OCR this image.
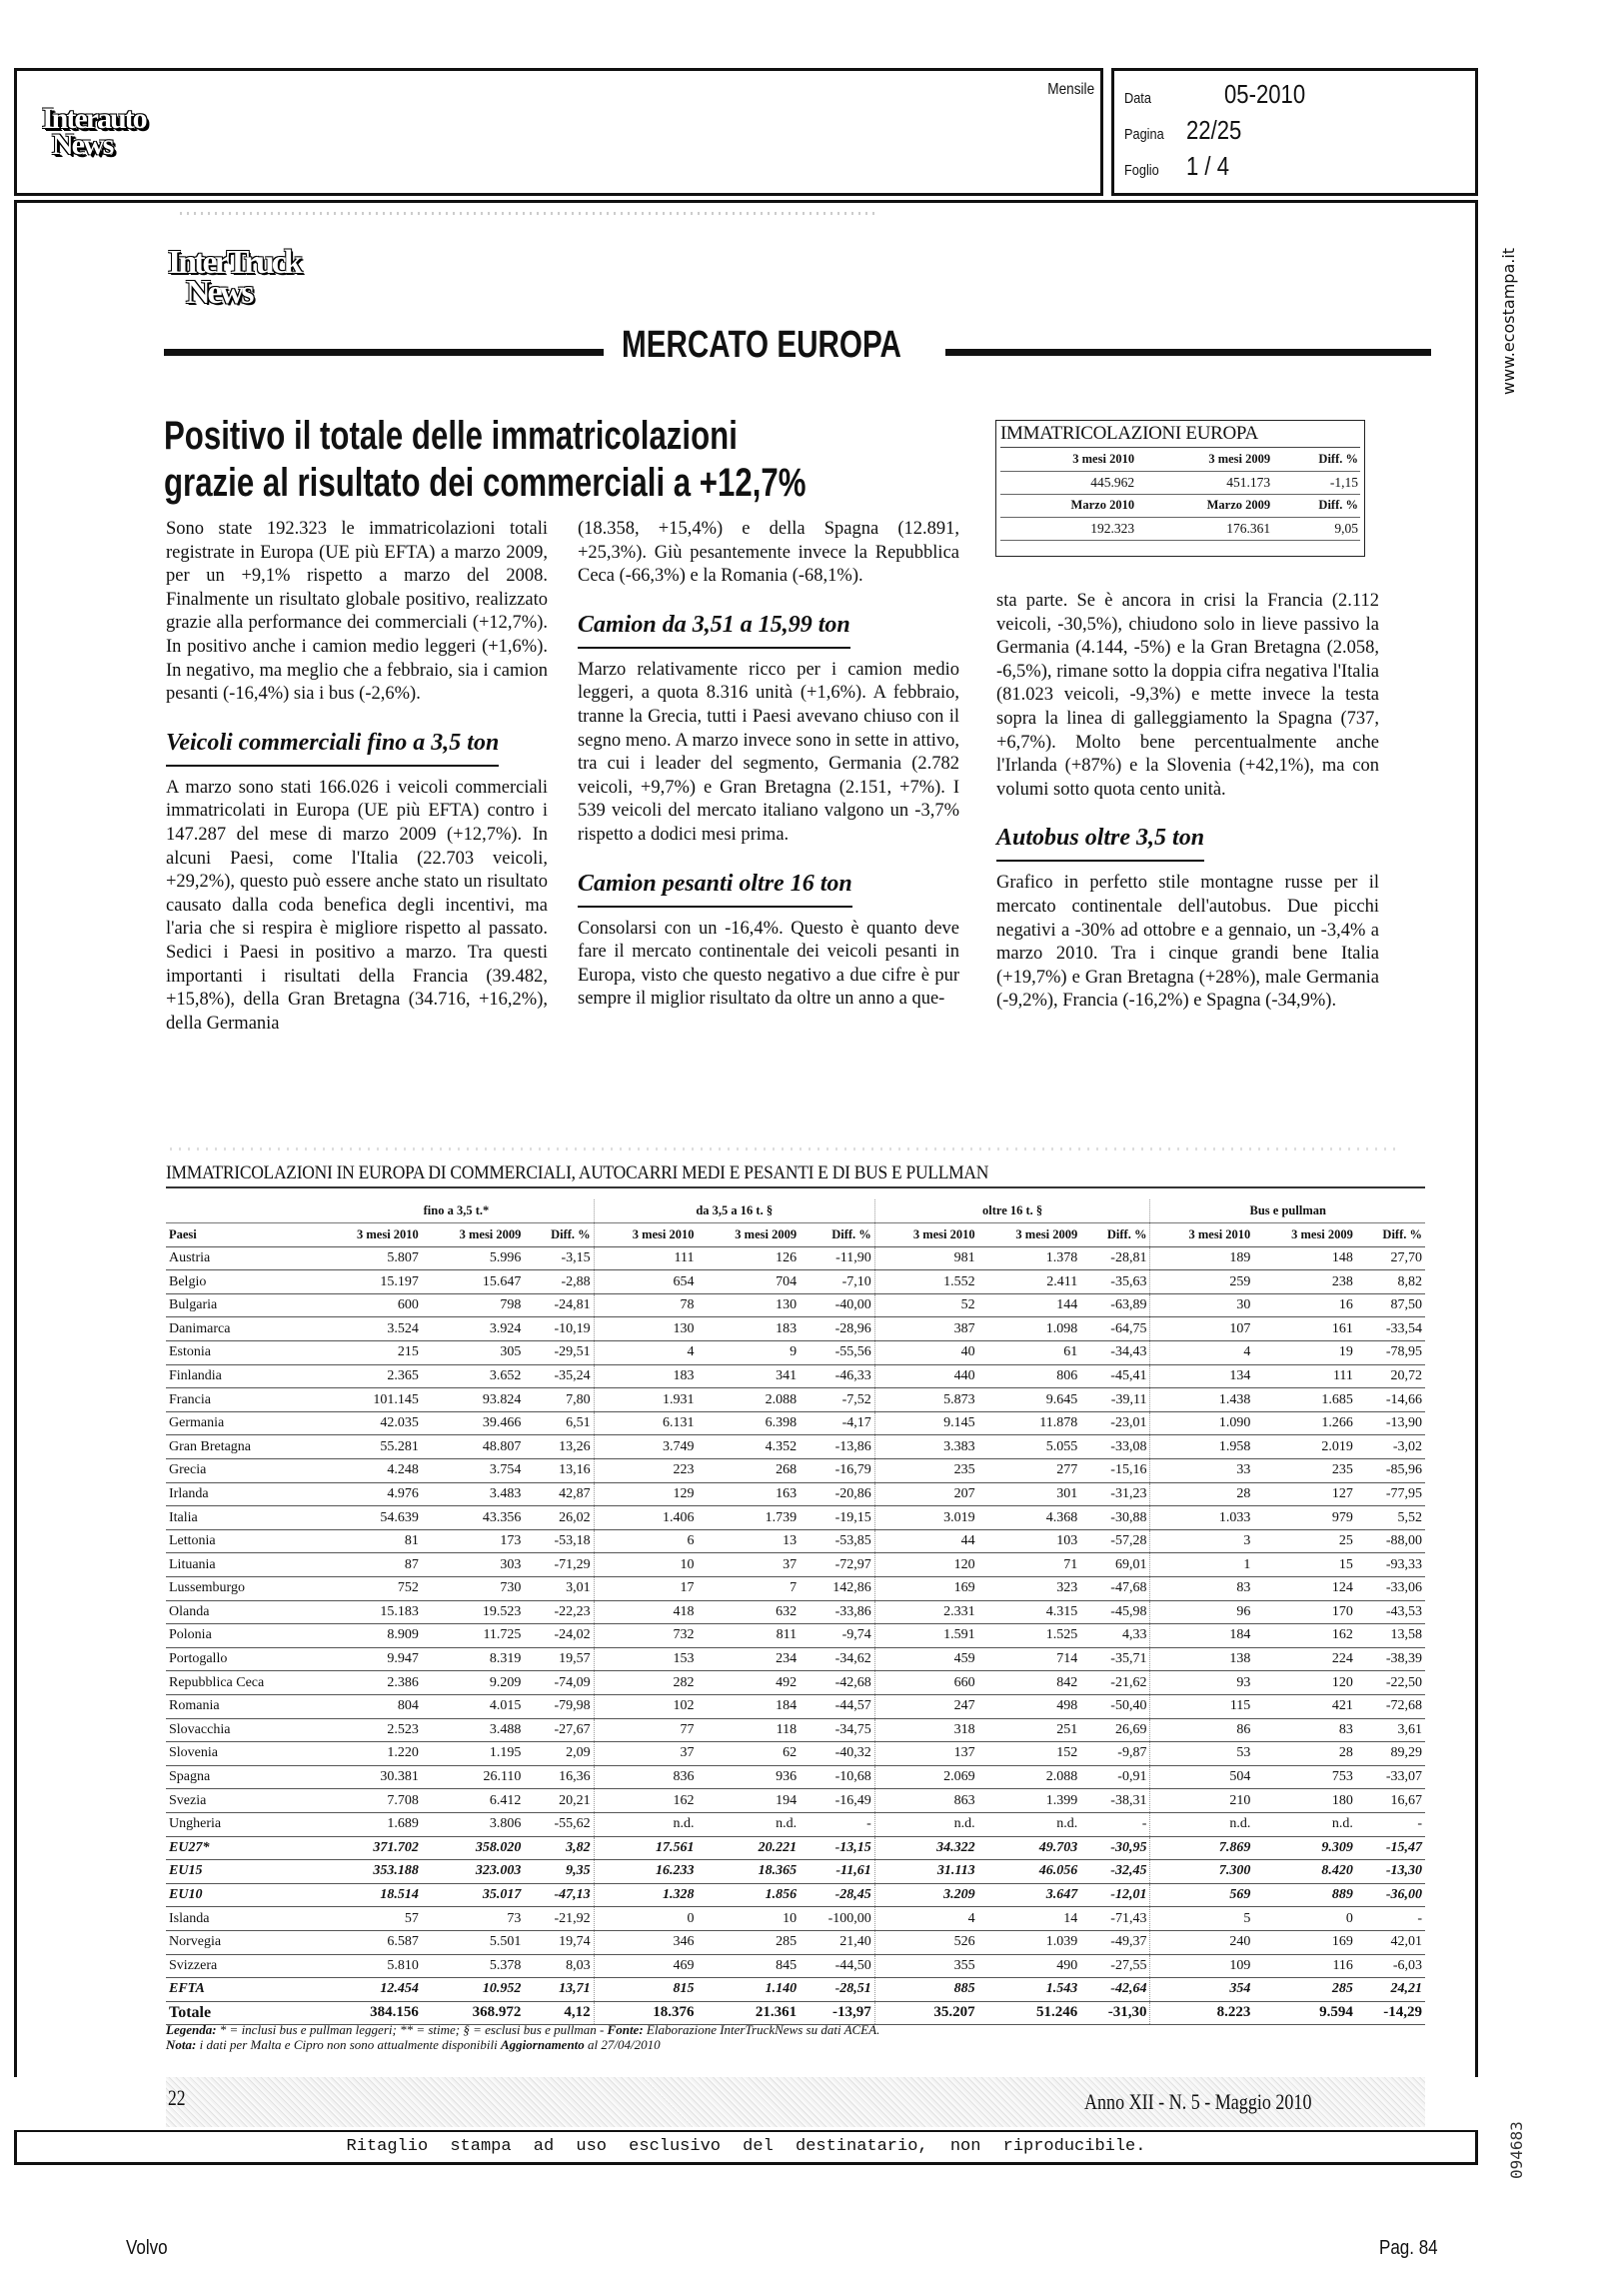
Interauto
News
Mensile
Data	05-2010
Pagina 22/25
Foglio	1 / 4
www.ecostampa.it
094683
InterTruck
News
MERCATO EUROPA
Positivo il totale delle immatricolazioni
grazie al risultato dei commerciali a +12,7%
IMMATRICOLAZIONI EUROPA
3 mesi 2010	3 mesi 2009	Diff. %
445.962	451.173	-1,15
Marzo 2010	Marzo 2009	Diff. %
192.323	176.361	9,05

Sono state 192.323 le immatricolazioni totali registrate in Europa (UE più EFTA) a marzo 2009, per un +9,1% rispetto a marzo del 2008. Finalmente un risultato globale positivo, realizzato grazie alla performance dei commerciali (+12,7%). In positivo anche i camion medio leggeri (+1,6%). In negativo, ma meglio che a febbraio, sia i camion pesanti (-16,4%) sia i bus (-2,6%).

Veicoli commerciali fino a 3,5 ton

A marzo sono stati 166.026 i veicoli commerciali immatricolati in Europa (UE più EFTA) contro i 147.287 del mese di marzo 2009 (+12,7%). In alcuni Paesi, come l'Italia (22.703 veicoli, +29,2%), questo può essere anche stato un risultato causato dalla coda benefica degli incentivi, ma l'aria che si respira è migliore rispetto al passato. Sedici i Paesi in positivo a marzo. Tra questi importanti i risultati della Francia (39.482, +15,8%), della Gran Bretagna (34.716, +16,2%), della Germania

(18.358, +15,4%) e della Spagna (12.891, +25,3%). Giù pesantemente invece la Repubblica Ceca (-66,3%) e la Romania (-68,1%).

Camion da 3,51 a 15,99 ton

Marzo relativamente ricco per i camion medio leggeri, a quota 8.316 unità (+1,6%). A febbraio, tranne la Grecia, tutti i Paesi avevano chiuso con il segno meno. A marzo invece sono in sette in attivo, tra cui i leader del segmento, Germania (2.782 veicoli, +9,7%) e Gran Bretagna (2.151, +7%). I 539 veicoli del mercato italiano valgono un -3,7% rispetto a dodici mesi prima.

Camion pesanti oltre 16 ton

Consolarsi con un -16,4%. Questo è quanto deve fare il mercato continentale dei veicoli pesanti in Europa, visto che questo negativo a due cifre è pur sempre il miglior risultato da oltre un anno a que-

sta parte. Se è ancora in crisi la Francia (2.112 veicoli, -30,5%), chiudono solo in lieve passivo la Germania (4.144, -5%) e la Gran Bretagna (2.058, -6,5%), rimane sotto la doppia cifra negativa l'Italia (81.023 veicoli, -9,3%) e mette invece la testa sopra la linea di galleggiamento la Spagna (737, +6,7%). Molto bene percentualmente anche l'Irlanda (+87%) e la Slovenia (+42,1%), ma con volumi sotto quota cento unità.

Autobus oltre 3,5 ton

Grafico in perfetto stile montagne russe per il mercato continentale dell'autobus. Due picchi negativi a -30% ad ottobre e a gennaio, un -3,4% a marzo 2010. Tra i cinque grandi bene Italia (+19,7%) e Gran Bretagna (+28%), male Germania (-9,2%), Francia (-16,2%) e Spagna (-34,9%).

IMMATRICOLAZIONI IN EUROPA DI COMMERCIALI, AUTOCARRI MEDI E PESANTI E DI BUS E PULLMAN
	fino a 3,5 t.*			da 3,5 a 16 t. §			oltre 16 t. §			Bus e pullman		
Paesi	3 mesi 2010	3 mesi 2009	Diff. %	3 mesi 2010	3 mesi 2009	Diff. %	3 mesi 2010	3 mesi 2009	Diff. %	3 mesi 2010	3 mesi 2009	Diff. %
Austria	5.807	5.996	-3,15	111	126	-11,90	981	1.378	-28,81	189	148	27,70
Belgio	15.197	15.647	-2,88	654	704	-7,10	1.552	2.411	-35,63	259	238	8,82
Bulgaria	600	798	-24,81	78	130	-40,00	52	144	-63,89	30	16	87,50
Danimarca	3.524	3.924	-10,19	130	183	-28,96	387	1.098	-64,75	107	161	-33,54
Estonia	215	305	-29,51	4	9	-55,56	40	61	-34,43	4	19	-78,95
Finlandia	2.365	3.652	-35,24	183	341	-46,33	440	806	-45,41	134	111	20,72
Francia	101.145	93.824	7,80	1.931	2.088	-7,52	5.873	9.645	-39,11	1.438	1.685	-14,66
Germania	42.035	39.466	6,51	6.131	6.398	-4,17	9.145	11.878	-23,01	1.090	1.266	-13,90
Gran Bretagna	55.281	48.807	13,26	3.749	4.352	-13,86	3.383	5.055	-33,08	1.958	2.019	-3,02
Grecia	4.248	3.754	13,16	223	268	-16,79	235	277	-15,16	33	235	-85,96
Irlanda	4.976	3.483	42,87	129	163	-20,86	207	301	-31,23	28	127	-77,95
Italia	54.639	43.356	26,02	1.406	1.739	-19,15	3.019	4.368	-30,88	1.033	979	5,52
Lettonia	81	173	-53,18	6	13	-53,85	44	103	-57,28	3	25	-88,00
Lituania	87	303	-71,29	10	37	-72,97	120	71	69,01	1	15	-93,33
Lussemburgo	752	730	3,01	17	7	142,86	169	323	-47,68	83	124	-33,06
Olanda	15.183	19.523	-22,23	418	632	-33,86	2.331	4.315	-45,98	96	170	-43,53
Polonia	8.909	11.725	-24,02	732	811	-9,74	1.591	1.525	4,33	184	162	13,58
Portogallo	9.947	8.319	19,57	153	234	-34,62	459	714	-35,71	138	224	-38,39
Repubblica Ceca	2.386	9.209	-74,09	282	492	-42,68	660	842	-21,62	93	120	-22,50
Romania	804	4.015	-79,98	102	184	-44,57	247	498	-50,40	115	421	-72,68
Slovacchia	2.523	3.488	-27,67	77	118	-34,75	318	251	26,69	86	83	3,61
Slovenia	1.220	1.195	2,09	37	62	-40,32	137	152	-9,87	53	28	89,29
Spagna	30.381	26.110	16,36	836	936	-10,68	2.069	2.088	-0,91	504	753	-33,07
Svezia	7.708	6.412	20,21	162	194	-16,49	863	1.399	-38,31	210	180	16,67
Ungheria	1.689	3.806	-55,62	n.d.	n.d.	-	n.d.	n.d.	-	n.d.	n.d.	-
EU27*	371.702	358.020	3,82	17.561	20.221	-13,15	34.322	49.703	-30,95	7.869	9.309	-15,47
EU15	353.188	323.003	9,35	16.233	18.365	-11,61	31.113	46.056	-32,45	7.300	8.420	-13,30
EU10	18.514	35.017	-47,13	1.328	1.856	-28,45	3.209	3.647	-12,01	569	889	-36,00
Islanda	57	73	-21,92	0	10	-100,00	4	14	-71,43	5	0	-
Norvegia	6.587	5.501	19,74	346	285	21,40	526	1.039	-49,37	240	169	42,01
Svizzera	5.810	5.378	8,03	469	845	-44,50	355	490	-27,55	109	116	-6,03
EFTA	12.454	10.952	13,71	815	1.140	-28,51	885	1.543	-42,64	354	285	24,21
Totale	384.156	368.972	4,12	18.376	21.361	-13,97	35.207	51.246	-31,30	8.223	9.594	-14,29
Legenda: * = inclusi bus e pullman leggeri; ** = stime; § = esclusi bus e pullman - Fonte: Elaborazione InterTruckNews su dati ACEA.
Nota: i dati per Malta e Cipro non sono attualmente disponibili Aggiornamento al 27/04/2010
22	Anno XII - N. 5 - Maggio 2010
Ritaglio stampa ad uso esclusivo del destinatario, non riproducibile.
Volvo	Pag. 84
